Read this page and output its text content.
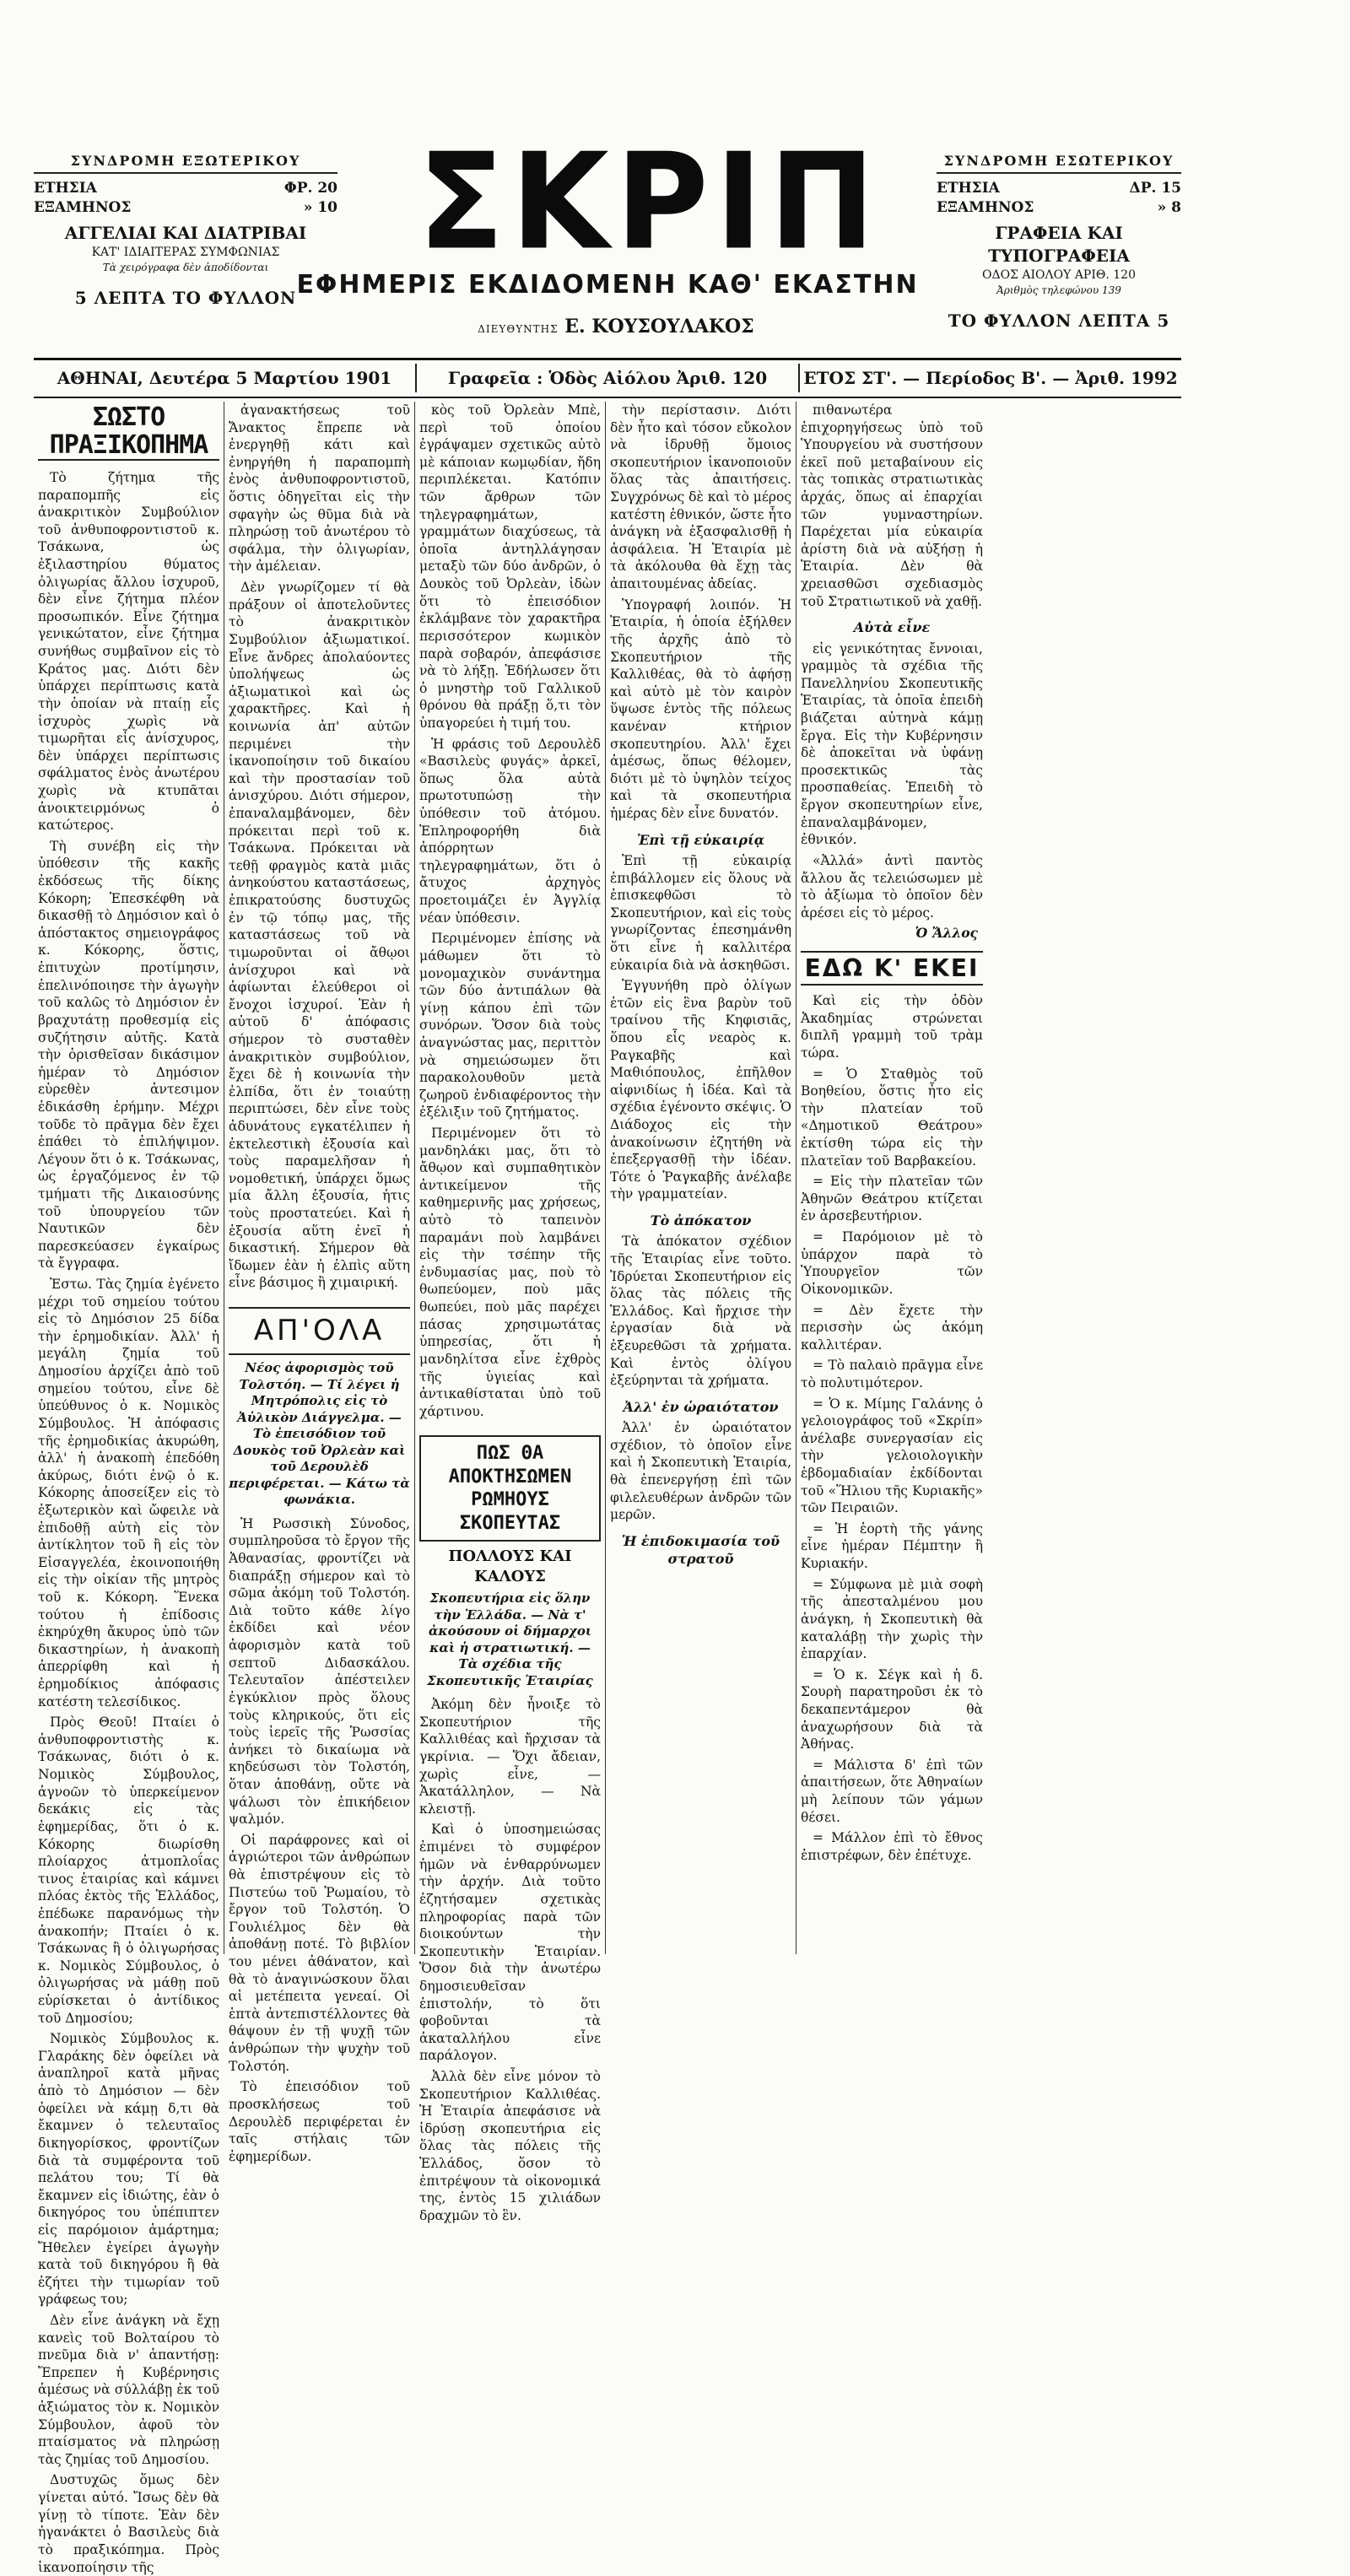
ΣΥΝΔΡΟΜΗ ΕΞΩΤΕΡΙΚΟΥ
ΕΤΗΣΙΑ	ΦΡ. 20
ΕΞΑΜΗΝΟΣ	» 10
ΑΓΓΕΛΙΑΙ ΚΑΙ ΔΙΑΤΡΙΒΑΙ
ΚΑΤ' ΙΔΙΑΙΤΕΡΑΣ ΣΥΜΦΩΝΙΑΣ
Τὰ χειρόγραφα δὲν ἀποδίδονται
5 ΛΕΠΤΑ ΤΟ ΦΥΛΛΟΝ
ΣΚΡΙΠ
ΕΦΗΜΕΡΙΣ ΕΚΔΙΔΟΜΕΝΗ ΚΑΘ' ΕΚΑΣΤΗΝ
ΔΙΕΥΘΥΝΤΗΣ Ε. ΚΟΥΣΟΥΛΑΚΟΣ
ΣΥΝΔΡΟΜΗ ΕΣΩΤΕΡΙΚΟΥ
ΕΤΗΣΙΑ	ΔΡ. 15
ΕΞΑΜΗΝΟΣ	» 8
ΓΡΑΦΕΙΑ ΚΑΙ ΤΥΠΟΓΡΑΦΕΙΑ
ΟΔΟΣ ΑΙΟΛΟΥ ΑΡΙΘ. 120
Ἀριθμὸς τηλεφώνου 139
ΤΟ ΦΥΛΛΟΝ ΛΕΠΤΑ 5
ΑΘΗΝΑΙ, Δευτέρα 5 Μαρτίου 1901	Γραφεῖα : Ὁδὸς Αἰόλου Ἀριθ. 120	ΕΤΟΣ ΣΤ'. — Περίοδος Β'. — Ἀριθ. 1992
ΣΩΣΤΟ ΠΡΑΞΙΚΟΠΗΜΑ

Τὸ ζήτημα τῆς παραπομπῆς εἰς ἀνακριτικὸν Συμβούλιον τοῦ ἀνθυποφροντιστοῦ κ. Τσάκωνα, ὡς ἐξιλαστηρίου θύματος ὀλιγωρίας ἄλλου ἰσχυροῦ, δὲν εἶνε ζήτημα πλέον προσωπικόν. Εἶνε ζήτημα γενικώτατον, εἶνε ζήτημα συνήθως συμβαῖνον εἰς τὸ Κράτος μας. Διότι δὲν ὑπάρχει περίπτωσις κατὰ τὴν ὁποίαν νὰ πταίῃ εἷς ἰσχυρὸς χωρὶς νὰ τιμωρῆται εἷς ἀνίσχυρος, δὲν ὑπάρχει περίπτωσις σφάλματος ἑνὸς ἀνωτέρου χωρὶς νὰ κτυπᾶται ἀνοικτειρμόνως ὁ κατώτερος.

Τὴ συνέβη εἰς τὴν ὑπόθεσιν τῆς κακῆς ἐκδόσεως τῆς δίκης Κόκορη; Ἐπεσκέφθη νὰ δικασθῇ τὸ Δημόσιον καὶ ὁ ἀπόστακτος σημειογράφος κ. Κόκορης, ὅστις, ἐπιτυχὼν προτίμησιν, ἐπελινόποιησε τὴν ἀγωγὴν τοῦ καλῶς τὸ Δημόσιον ἐν βραχυτάτῃ προθεσμίᾳ εἰς συζήτησιν αὐτῆς. Κατὰ τὴν ὁρισθεῖσαν δικάσιμον ἡμέραν τὸ Δημόσιον εὑρεθὲν ἀντεσιμον ἐδικάσθη ἐρήμην. Μέχρι τοῦδε τὸ πρᾶγμα δὲν ἔχει ἐπάθει τὸ ἐπιλήψιμον. Λέγουν ὅτι ὁ κ. Τσάκωνας, ὡς ἐργαζόμενος ἐν τῷ τμήματι τῆς Δικαιοσύνης τοῦ ὑπουργείου τῶν Ναυτικῶν δὲν παρεσκεύασεν ἐγκαίρως τὰ ἔγγραφα.

Ἐστω. Τὰς ζημία ἐγένετο μέχρι τοῦ σημείου τούτου εἰς τὸ Δημόσιον 25 δίδα τὴν ἐρημοδικίαν. Ἀλλ' ἡ μεγάλη ζημία τοῦ Δημοσίου ἀρχίζει ἀπὸ τοῦ σημείου τούτου, εἶνε δὲ ὑπεύθυνος ὁ κ. Νομικὸς Σύμβουλος. Ἡ ἀπόφασις τῆς ἐρημοδικίας ἀκυρώθη, ἀλλ' ἡ ἀνακοπὴ ἐπεδόθη ἀκύρως, διότι ἐνῷ ὁ κ. Κόκορης ἀποσείξεν εἰς τὸ ἐξωτερικὸν καὶ ὤφειλε νὰ ἐπιδοθῇ αὐτὴ εἰς τὸν ἀντίκλητον τοῦ ἢ εἰς τὸν Εἰσαγγελέα, ἐκοινοποιήθη εἰς τὴν οἰκίαν τῆς μητρὸς τοῦ κ. Κόκορη. Ἕνεκα τούτου ἡ ἐπίδοσις ἐκηρύχθη ἄκυρος ὑπὸ τῶν δικαστηρίων, ἡ ἀνακοπὴ ἀπερρίφθη καὶ ἡ ἐρημοδίκιος ἀπόφασις κατέστη τελεσίδικος.

Πρὸς Θεοῦ! Πταίει ὁ ἀνθυποφροντιστὴς κ. Τσάκωνας, διότι ὁ κ. Νομικὸς Σύμβουλος, ἀγνοῶν τὸ ὑπερκείμενον δεκάκις εἰς τὰς ἐφημερίδας, ὅτι ὁ κ. Κόκορης διωρίσθη πλοίαρχος ἀτμοπλοΐας τινος ἑταιρίας καὶ κάμνει πλόας ἐκτὸς τῆς Ἑλλάδος, ἐπέδωκε παρανόμως τὴν ἀνακοπήν; Πταίει ὁ κ. Τσάκωνας ἢ ὁ ὀλιγωρήσας κ. Νομικὸς Σύμβουλος, ὁ ὀλιγωρήσας νὰ μάθῃ ποῦ εὑρίσκεται ὁ ἀντίδικος τοῦ Δημοσίου;

Νομικὸς Σύμβουλος κ. Γλαράκης δὲν ὀφείλει νὰ ἀναπληροῖ κατὰ μῆνας ἀπὸ τὸ Δημόσιον — δὲν ὀφείλει νὰ κάμῃ δ,τι θὰ ἔκαμνεν ὁ τελευταῖος δικηγορίσκος, φροντίζων διὰ τὰ συμφέροντα τοῦ πελάτου του; Τί θὰ ἔκαμνεν εἰς ἰδιώτης, ἐὰν ὁ δικηγόρος του ὑπέπιπτεν εἰς παρόμοιον ἁμάρτημα; Ἤθελεν ἐγείρει ἀγωγὴν κατὰ τοῦ δικηγόρου ἢ θὰ ἐζήτει τὴν τιμωρίαν τοῦ γράφεως του;

Δὲν εἶνε ἀνάγκη νὰ ἔχῃ κανεὶς τοῦ Βολταίρου τὸ πνεῦμα διὰ ν' ἀπαντήσῃ: Ἔπρεπεν ἡ Κυβέρνησις ἀμέσως νὰ σύλλάβῃ ἐκ τοῦ ἀξιώματος τὸν κ. Νομικὸν Σύμβουλον, ἀφοῦ τὸν πταίσματος νὰ πληρώσῃ τὰς ζημίας τοῦ Δημοσίου.

Δυστυχῶς ὅμως δὲν γίνεται αὐτό. Ἴσως δὲν θὰ γίνῃ τὸ τίποτε. Ἐὰν δὲν ἠγανάκτει ὁ Βασιλεὺς διὰ τὸ πραξικόπημα. Πρὸς ἱκανοποίησιν τῆς

ἀγανακτήσεως τοῦ Ἄνακτος ἔπρεπε νὰ ἐνεργηθῇ κάτι καὶ ἐνηργήθη ἡ παραπομπὴ ἑνὸς ἀνθυποφροντιστοῦ, ὅστις ὁδηγεῖται εἰς τὴν σφαγὴν ὡς θῦμα διὰ νὰ πληρώσῃ τοῦ ἀνωτέρου τὸ σφάλμα, τὴν ὀλιγωρίαν, τὴν ἀμέλειαν.

Δὲν γνωρίζομεν τί θὰ πράξουν οἱ ἀποτελοῦντες τὸ ἀνακριτικὸν Συμβούλιον ἀξιωματικοί. Εἶνε ἄνδρες ἀπολαύοντες ὑπολήψεως ὡς ἀξιωματικοὶ καὶ ὡς χαρακτῆρες. Καὶ ἡ κοινωνία ἀπ' αὐτῶν περιμένει τὴν ἱκανοποίησιν τοῦ δικαίου καὶ τὴν προστασίαν τοῦ ἀνισχύρου. Διότι σήμερον, ἐπαναλαμβάνομεν, δὲν πρόκειται περὶ τοῦ κ. Τσάκωνα. Πρόκειται νὰ τεθῇ φραγμὸς κατὰ μιᾶς ἀνηκούστου καταστάσεως, ἐπικρατούσης δυστυχῶς ἐν τῷ τόπῳ μας, τῆς καταστάσεως τοῦ νὰ τιμωροῦνται οἱ ἄθῳοι ἀνίσχυροι καὶ νὰ ἀφίωνται ἐλεύθεροι οἱ ἔνοχοι ἰσχυροί. Ἐὰν ἡ αὐτοῦ δ' ἀπόφασις σήμερον τὸ συσταθὲν ἀνακριτικὸν συμβούλιον, ἔχει δὲ ἡ κοινωνία τὴν ἐλπίδα, ὅτι ἐν τοιαύτῃ περιπτώσει, δὲν εἶνε τοὺς ἀδυνάτους εγκατέλιπεν ἡ ἐκτελεστικὴ ἐξουσία καὶ τοὺς παραμελῆσαν ἡ νομοθετική, ὑπάρχει ὅμως μία ἄλλη ἐξουσία, ἡτις τοὺς προστατεύει. Καὶ ἡ ἐξουσία αὕτη ἐνεῖ ἡ δικαστική. Σήμερον θὰ ἴδωμεν ἐὰν ἡ ἐλπὶς αὕτη εἶνε βάσιμος ἢ χιμαιρική.

ΑΠ'ΟΛΑ
Νέος ἀφορισμὸς τοῦ Τολστόη. — Τί λέγει ἡ Μητρόπολις εἰς τὸ Ἀὐλικὸν Διάγγελμα. — Τὸ ἐπεισόδιον τοῦ Δουκὸς τοῦ Ὀρλεὰν καὶ τοῦ Δερουλὲδ περιφέρεται. — Κάτω τὰ φωνάκια.

Ἡ Ρωσσικὴ Σύνοδος, συμπληροῦσα τὸ ἔργον τῆς Ἀθανασίας, φροντίζει νὰ διαπράξῃ σήμερον καὶ τὸ σῶμα ἀκόμη τοῦ Τολστόη. Διὰ τοῦτο κάθε λίγο ἐκδίδει καὶ νέον ἀφορισμὸν κατὰ τοῦ σεπτοῦ Διδασκάλου. Τελευταῖον ἀπέστειλεν ἐγκύκλιον πρὸς ὅλους τοὺς κληρικούς, ὅτι εἰς τοὺς ἱερεῖς τῆς Ῥωσσίας ἀνήκει τὸ δικαίωμα νὰ κηδεύσωσι τὸν Τολστόη, ὅταν ἀποθάνῃ, οὔτε νὰ ψάλωσι τὸν ἐπικήδειον ψαλμόν.

Οἱ παράφρονες καὶ οἱ ἀγριώτεροι τῶν ἀνθρώπων θὰ ἐπιστρέψουν εἰς τὸ Πιστεύω τοῦ Ῥωμαίου, τὸ ἔργον τοῦ Τολστόη. Ὁ Γουλιέλμος δὲν θὰ ἀποθάνῃ ποτέ. Τὸ βιβλίον του μένει ἀθάνατον, καὶ θὰ τὸ ἀναγινώσκουν ὅλαι αἱ μετέπειτα γενεαί. Οἱ ἑπτὰ ἀντεπιστέλλοντες θὰ θάψουν ἐν τῇ ψυχῇ τῶν ἀνθρώπων τὴν ψυχὴν τοῦ Τολστόη.

Τὸ ἐπεισόδιον τοῦ προσκλήσεως τοῦ Δερουλὲδ περιφέρεται ἐν ταῖς στήλαις τῶν ἐφημερίδων.

κὸς τοῦ Ὀρλεὰν Μπὲ, περὶ τοῦ ὁποίου ἐγράψαμεν σχετικῶς αὐτὸ μὲ κάποιαν κωμῳδίαν, ἤδη περιπλέκεται. Κατόπιν τῶν ἄρθρων τῶν τηλεγραφημάτων, γραμμάτων διαχύσεως, τὰ ὁποῖα ἀντηλλάγησαν μεταξὺ τῶν δύο ἀνδρῶν, ὁ Δουκὸς τοῦ Ὀρλεὰν, ἰδὼν ὅτι τὸ ἐπεισόδιον ἐκλάμβανε τὸν χαρακτῆρα περισσότερον κωμικὸν παρὰ σοβαρόν, ἀπεφάσισε νὰ τὸ λήξῃ. Ἐδήλωσεν ὅτι ὁ μνηστὴρ τοῦ Γαλλικοῦ θρόνου θὰ πράξῃ ὅ,τι τὸν ὑπαγορεύει ἡ τιμή του.

Ἡ φράσις τοῦ Δερουλὲδ «Βασιλεὺς φυγάς» ἀρκεῖ, ὅπως ὅλα αὐτὰ πρωτοτυπώσῃ τὴν ὑπόθεσιν τοῦ ἀτόμου. Ἐπληροφορήθη διὰ ἀπόρρητων τηλεγραφημάτων, ὅτι ὁ ἄτυχος ἀρχηγὸς προετοιμάζει ἐν Ἀγγλίᾳ νέαν ὑπόθεσιν.

Περιμένομεν ἐπίσης νὰ μάθωμεν ὅτι τὸ μονομαχικὸν συνάντημα τῶν δύο ἀντιπάλων θὰ γίνῃ κάπου ἐπὶ τῶν συνόρων. Ὅσον διὰ τοὺς ἀναγνώστας μας, περιττὸν νὰ σημειώσωμεν ὅτι παρακολουθοῦν μετὰ ζωηροῦ ἐνδιαφέροντος τὴν ἐξέλιξιν τοῦ ζητήματος.

Περιμένομεν ὅτι τὸ μανδηλάκι μας, ὅτι τὸ ἄθῳον καὶ συμπαθητικὸν ἀντικείμενον τῆς καθημερινῆς μας χρήσεως, αὐτὸ τὸ ταπεινὸν παραμάνι ποὺ λαμβάνει εἰς τὴν τσέπην τῆς ἐνδυμασίας μας, ποὺ τὸ θωπεύομεν, ποὺ μᾶς θωπεύει, ποὺ μᾶς παρέχει πάσας χρησιμωτάτας ὑπηρεσίας, ὅτι ἡ μανδηλίτσα εἶνε ἐχθρὸς τῆς ὑγιείας καὶ ἀντικαθίσταται ὑπὸ τοῦ χάρτινου.

ΠΩΣ ΘΑ ΑΠΟΚΤΗΣΩΜΕΝ ΡΩΜΗΟΥΣ ΣΚΟΠΕΥΤΑΣ
ΠΟΛΛΟΥΣ ΚΑΙ ΚΑΛΟΥΣ
Σκοπευτήρια εἰς ὅλην τὴν Ἑλλάδα. — Νὰ τ' ἀκούσουν οἱ δήμαρχοι καὶ ἡ στρατιωτική. — Τὰ σχέδια τῆς Σκοπευτικῆς Ἑταιρίας

Ἀκόμη δὲν ἦνοιξε τὸ Σκοπευτήριον τῆς Καλλιθέας καὶ ἤρχισαν τὰ γκρίνια. — Ὅχι ἄδειαν, χωρὶς εἶνε, — Ἀκατάλληλον, — Νὰ κλειστῇ.

Καὶ ὁ ὑποσημειώσας ἐπιμένει τὸ συμφέρον ἡμῶν νὰ ἐνθαρρύνωμεν τὴν ἀρχήν. Διὰ τοῦτο ἐζητήσαμεν σχετικὰς πληροφορίας παρὰ τῶν διοικούντων τὴν Σκοπευτικὴν Ἑταιρίαν. Ὅσον διὰ τὴν ἀνωτέρω δημοσιευθεῖσαν ἐπιστολήν, τὸ ὅτι φοβοῦνται τὰ ἀκαταλλήλου εἶνε παράλογον.

Ἀλλὰ δὲν εἶνε μόνον τὸ Σκοπευτήριον Καλλιθέας. Ἡ Ἑταιρία ἀπεφάσισε νὰ ἱδρύσῃ σκοπευτήρια εἰς ὅλας τὰς πόλεις τῆς Ἑλλάδος, ὅσον τὸ ἐπιτρέψουν τὰ οἰκονομικά της, ἐντὸς 15 χιλιάδων δραχμῶν τὸ ἓν.

τὴν περίστασιν. Διότι δὲν ἦτο καὶ τόσον εὔκολον νὰ ἱδρυθῇ ὅμοιος σκοπευτήριον ἱκανοποιοῦν ὅλας τὰς ἀπαιτήσεις. Συγχρόνως δὲ καὶ τὸ μέρος κατέστη ἐθνικόν, ὥστε ἦτο ἀνάγκη νὰ ἐξασφαλισθῇ ἡ ἀσφάλεια. Ἡ Ἑταιρία μὲ τὰ ἀκόλουθα θὰ ἔχῃ τὰς ἀπαιτουμένας ἀδείας.

Ὑπογραφή λοιπόν. Ἡ Ἑταιρία, ἡ ὁποία ἐξήλθεν τῆς ἀρχῆς ἀπὸ τὸ Σκοπευτήριον τῆς Καλλιθέας, θὰ τὸ ἀφήσῃ καὶ αὐτὸ μὲ τὸν καιρὸν ὕψωσε ἐντὸς τῆς πόλεως κανέναν κτήριον σκοπευτηρίου. Ἀλλ' ἔχει ἀμέσως, ὅπως θέλομεν, διότι μὲ τὸ ὑψηλὸν τείχος καὶ τὰ σκοπευτήρια ἡμέρας δὲν εἶνε δυνατόν.

Ἐπὶ τῇ εὐκαιρίᾳ

Ἐπὶ τῇ εὐκαιρίᾳ ἐπιβάλλομεν εἰς ὅλους νὰ ἐπισκεφθῶσι τὸ Σκοπευτήριον, καὶ εἰς τοὺς γνωρίζοντας ἐπεσημάνθη ὅτι εἶνε ἡ καλλιτέρα εὐκαιρία διὰ νὰ ἀσκηθῶσι.

Ἐγγυνήθη πρὸ ὀλίγων ἐτῶν εἰς ἓνα βαρὺν τοῦ τραίνου τῆς Κηφισιᾶς, ὅπου εἷς νεαρὸς κ. Ραγκαβῆς καὶ Μαθιόπουλος, ἐπῆλθον αἰφνιδίως ἡ ἰδέα. Καὶ τὰ σχέδια ἐγένοντο σκέψις. Ὁ Διάδοχος εἰς τὴν ἀνακοίνωσιν ἐζητήθη νὰ ἐπεξεργασθῇ τὴν ἰδέαν. Τότε ὁ Ῥαγκαβῆς ἀνέλαβε τὴν γραμματείαν.

Τὸ ἀπόκατον

Τὰ ἀπόκατον σχέδιον τῆς Ἑταιρίας εἶνε τοῦτο. Ἰδρύεται Σκοπευτήριον εἰς ὅλας τὰς πόλεις τῆς Ἑλλάδος. Καὶ ἤρχισε τὴν ἐργασίαν διὰ νὰ ἐξευρεθῶσι τὰ χρήματα. Καὶ ἐντὸς ὀλίγου ἐξεύρηνται τὰ χρήματα.

Ἀλλ' ἐν ὡραιότατον

Ἀλλ' ἐν ὡραιότατον σχέδιον, τὸ ὁποῖον εἶνε καὶ ἡ Σκοπευτικὴ Ἑταιρία, θὰ ἐπενεργήσῃ ἐπὶ τῶν φιλελευθέρων ἀνδρῶν τῶν μερῶν.

Ἡ ἐπιδοκιμασία τοῦ στρατοῦ

πιθανωτέρα ἐπιχορηγήσεως ὑπὸ τοῦ Ὑπουργείου νὰ συστήσουν ἐκεῖ ποῦ μεταβαίνουν εἰς τὰς τοπικὰς στρατιωτικὰς ἀρχάς, ὅπως αἱ ἐπαρχίαι τῶν γυμναστηρίων. Παρέχεται μία εὐκαιρία ἀρίστη διὰ νὰ αὐξήσῃ ἡ Ἑταιρία. Δὲν θὰ χρειασθῶσι σχεδιασμὸς τοῦ Στρατιωτικοῦ νὰ χαθῇ.

Αὐτὰ εἶνε

εἰς γενικότητας ἔννοιαι, γραμμὸς τὰ σχέδια τῆς Πανελληνίου Σκοπευτικῆς Ἑταιρίας, τὰ ὁποῖα ἐπειδὴ βιάζεται αὐτηνὰ κάμῃ ἔργα. Εἰς τὴν Κυβέρνησιν δὲ ἀποκεῖται νὰ ὑφάνῃ προσεκτικῶς τὰς προσπαθείας. Ἐπειδὴ τὸ ἔργον σκοπευτηρίων εἶνε, ἐπαναλαμβάνομεν, ἐθνικόν.

«Ἀλλά» ἀντὶ παντὸς ἄλλου ἄς τελειώσωμεν μὲ τὸ ἀξίωμα τὸ ὁποῖον δὲν ἀρέσει εἰς τὸ μέρος.

Ὁ Ἄλλος
ΕΔΩ Κ' ΕΚΕΙ

Καὶ εἰς τὴν ὁδὸν Ἀκαδημίας στρώνεται διπλῆ γραμμὴ τοῦ τρὰμ τώρα.

= Ὁ Σταθμὸς τοῦ Βοηθείου, ὅστις ἦτο εἰς τὴν πλατείαν τοῦ «Δημοτικοῦ Θεάτρου» ἐκτίσθη τώρα εἰς τὴν πλατεῖαν τοῦ Βαρβακείου.

= Εἰς τὴν πλατεῖαν τῶν Ἀθηνῶν Θεάτρου κτίζεται ἐν ἀρσεβευτήριον.

= Παρόμοιον μὲ τὸ ὑπάρχον παρὰ τὸ Ὑπουργεῖον τῶν Οἰκονομικῶν.

= Δὲν ἔχετε τὴν περισσὴν ὡς ἀκόμη καλλιτέραν.

= Τὸ παλαιὸ πρᾶγμα εἶνε τὸ πολυτιμότερον.

= Ὁ κ. Μίμης Γαλάνης ὁ γελοιογράφος τοῦ «Σκρίπ» ἀνέλαβε συνεργασίαν εἰς τὴν γελοιολογικὴν ἑβδομαδιαίαν ἐκδίδονται τοῦ «Ἥλιου τῆς Κυριακῆς» τῶν Πειραιῶν.

= Ἡ ἑορτὴ τῆς γάνης εἶνε ἡμέραν Πέμπτην ἢ Κυριακήν.

= Σύμφωνα μὲ μιὰ σοφὴ τῆς ἀπεσταλμένου μου ἀνάγκη, ἡ Σκοπευτικὴ θὰ καταλάβῃ τὴν χωρὶς τὴν ἐπαρχίαν.

= Ὁ κ. Σέγκ καὶ ἡ δ. Σουρὴ παρατηροῦσι ἐκ τὸ δεκαπεντάμερον θὰ ἀναχωρήσουν διὰ τὰ Ἀθήνας.

= Μάλιστα δ' ἐπὶ τῶν ἀπαιτήσεων, ὅτε Ἀθηναίων μὴ λείπουν τῶν γάμων θέσει.

= Μάλλον ἐπὶ τὸ ἔθνος ἐπιστρέφων, δὲν ἐπέτυχε.
